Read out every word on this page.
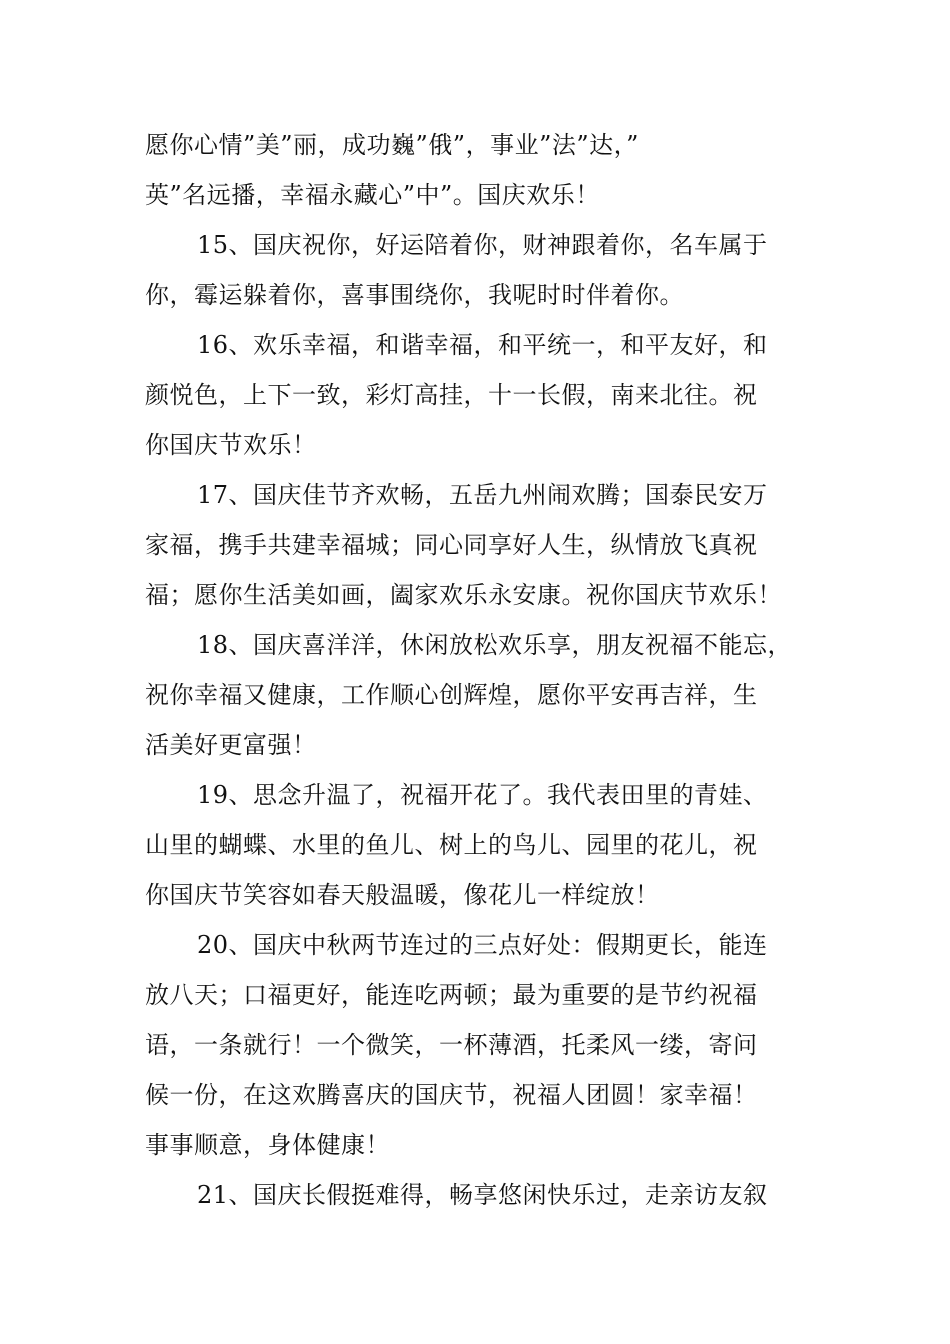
愿你心情”美”丽，成功巍”俄”，事业”法”达，”
英”名远播，幸福永藏心”中”。国庆欢乐！

15、国庆祝你，好运陪着你，财神跟着你，名车属于
你，霉运躲着你，喜事围绕你，我呢时时伴着你。

16、欢乐幸福，和谐幸福，和平统一，和平友好，和
颜悦色，上下一致，彩灯高挂，十一长假，南来北往。祝
你国庆节欢乐！

17、国庆佳节齐欢畅，五岳九州闹欢腾；国泰民安万
家福，携手共建幸福城；同心同享好人生，纵情放飞真祝
福；愿你生活美如画，阖家欢乐永安康。祝你国庆节欢乐！

18、国庆喜洋洋，休闲放松欢乐享，朋友祝福不能忘，
祝你幸福又健康，工作顺心创辉煌，愿你平安再吉祥，生
活美好更富强！

19、思念升温了，祝福开花了。我代表田里的青娃、
山里的蝴蝶、水里的鱼儿、树上的鸟儿、园里的花儿，祝
你国庆节笑容如春天般温暖，像花儿一样绽放！

20、国庆中秋两节连过的三点好处：假期更长，能连
放八天；口福更好，能连吃两顿；最为重要的是节约祝福
语，一条就行！一个微笑，一杯薄酒，托柔风一缕，寄问
候一份，在这欢腾喜庆的国庆节，祝福人团圆！家幸福！
事事顺意，身体健康！

21、国庆长假挺难得，畅享悠闲快乐过，走亲访友叙
